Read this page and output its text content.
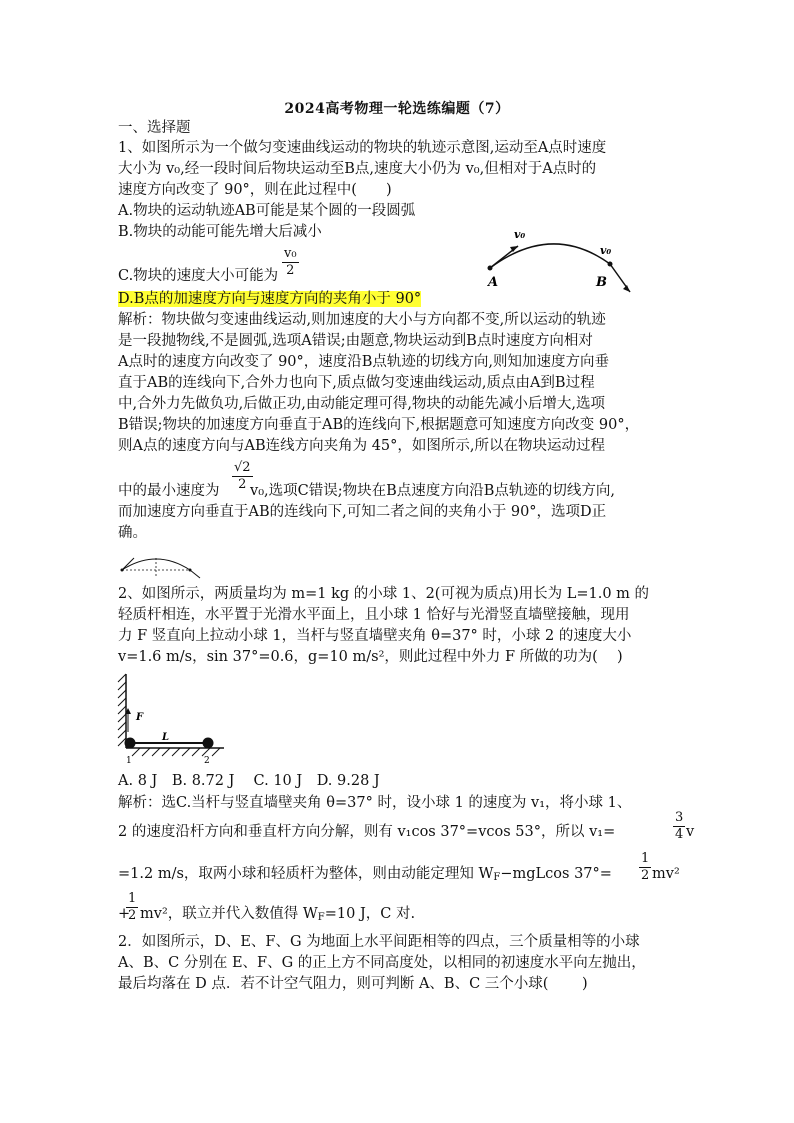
2024高考物理一轮选练编题（7）
一、选择题
1、如图所示为一个做匀变速曲线运动的物块的轨迹示意图,运动至A点时速度
大小为 v₀,经一段时间后物块运动至B点,速度大小仍为 v₀,但相对于A点时的
速度方向改变了 90°，则在此过程中(　　)
A.物块的运动轨迹AB可能是某个圆的一段圆弧
B.物块的动能可能先增大后减小
C.物块的速度大小可能为 $\frac{\text{v₀}}{2}$
D.B点的加速度方向与速度方向的夹角小于 90°
v₀
v₀
A	B
解析：物块做匀变速曲线运动,则加速度的大小与方向都不变,所以运动的轨迹
是一段抛物线,不是圆弧,选项A错误;由题意,物块运动到B点时速度方向相对
A点时的速度方向改变了 90°，速度沿B点轨迹的切线方向,则知加速度方向垂
直于AB的连线向下,合外力也向下,质点做匀变速曲线运动,质点由A到B过程
中,合外力先做负功,后做正功,由动能定理可得,物块的动能先减小后增大,选项
B错误;物块的加速度方向垂直于AB的连线向下,根据题意可知速度方向改变 90°，
则A点的速度方向与AB连线方向夹角为 45°，如图所示,所以在物块运动过程
中的最小速度为 $\frac{√2}{2}$
v₀,选项C错误;物块在B点速度方向沿B点轨迹的切线方向,
而加速度方向垂直于AB的连线向下,可知二者之间的夹角小于 90°，选项D正
确。
2、如图所示，两质量均为 m=1 kg 的小球 1、2(可视为质点)用长为 L=1.0 m 的
轻质杆相连，水平置于光滑水平面上，且小球 1 恰好与光滑竖直墙壁接触，现用
力 F 竖直向上拉动小球 1，当杆与竖直墙壁夹角 θ=37° 时，小球 2 的速度大小
v=1.6 m/s，sin 37°=0.6，g=10 m/s²，则此过程中外力 F 所做的功为(　 )
F
L
1	2
A. 8 J　B. 8.72 J　 C. 10 J　D. 9.28 J
解析：选C.当杆与竖直墙壁夹角 θ=37° 时，设小球 1 的速度为 v₁，将小球 1、
2 的速度沿杆方向和垂直杆方向分解，则有 v₁cos 37°=vcos 53°，所以 v₁=	$\frac{3}{4}$ v
=1.2 m/s，取两小球和轻质杆为整体，则由动能定理知 $W_F-mgLcos$ $37^\circ= \frac{1}{2} mv^2$
+
$\frac{1}{2} mv^2$，联立并代入数值得 $W_F=10$ J，C 对.
2．如图所示，D、E、F、G 为地面上水平间距相等的四点，三个质量相等的小球
A、B、C 分别在 E、F、G 的正上方不同高度处，以相同的初速度水平向左抛出，
最后均落在 D 点．若不计空气阻力，则可判断 A、B、C 三个小球(　　 )
